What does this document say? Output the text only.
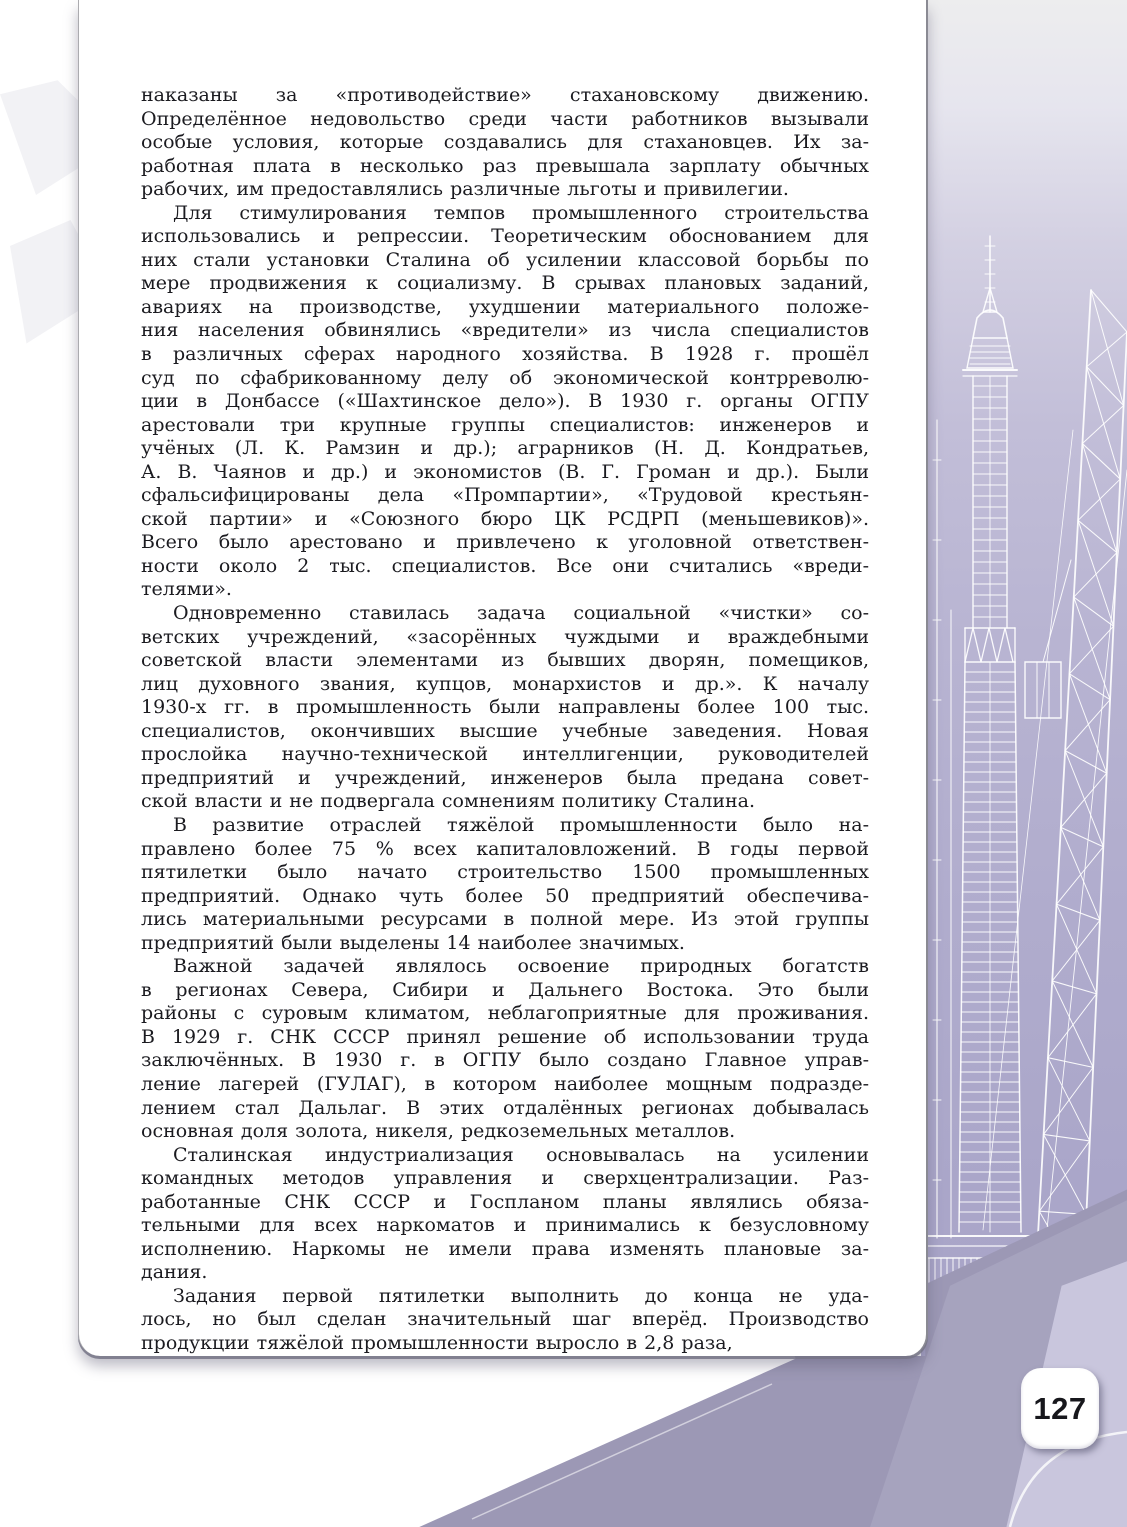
наказаны за «противодействие» стахановскому движению.
Определённое недовольство среди части работников вызывали
особые условия, которые создавались для стахановцев. Их за-
работная плата в несколько раз превышала зарплату обычных
рабочих, им предоставлялись различные льготы и привилегии.
Для стимулирования темпов промышленного строительства
использовались и репрессии. Теоретическим обоснованием для
них стали установки Сталина об усилении классовой борьбы по
мере продвижения к социализму. В срывах плановых заданий,
авариях на производстве, ухудшении материального положе-
ния населения обвинялись «вредители» из числа специалистов
в различных сферах народного хозяйства. В 1928 г. прошёл
суд по сфабрикованному делу об экономической контрреволю-
ции в Донбассе («Шахтинское дело»). В 1930 г. органы ОГПУ
арестовали три крупные группы специалистов: инженеров и
учёных (Л. К. Рамзин и др.); аграрников (Н. Д. Кондратьев,
А. В. Чаянов и др.) и экономистов (В. Г. Громан и др.). Были
сфальсифицированы дела «Промпартии», «Трудовой крестьян-
ской партии» и «Союзного бюро ЦК РСДРП (меньшевиков)».
Всего было арестовано и привлечено к уголовной ответствен-
ности около 2 тыс. специалистов. Все они считались «вреди-
телями».
Одновременно ставилась задача социальной «чистки» со-
ветских учреждений, «засорённых чуждыми и враждебными
советской власти элементами из бывших дворян, помещиков,
лиц духовного звания, купцов, монархистов и др.». К началу
1930-х гг. в промышленность были направлены более 100 тыс.
специалистов, окончивших высшие учебные заведения. Новая
прослойка научно-технической интеллигенции, руководителей
предприятий и учреждений, инженеров была предана совет-
ской власти и не подвергала сомнениям политику Сталина.
В развитие отраслей тяжёлой промышленности было на-
правлено более 75 % всех капиталовложений. В годы первой
пятилетки было начато строительство 1500 промышленных
предприятий. Однако чуть более 50 предприятий обеспечива-
лись материальными ресурсами в полной мере. Из этой группы
предприятий были выделены 14 наиболее значимых.
Важной задачей являлось освоение природных богатств
в регионах Севера, Сибири и Дальнего Востока. Это были
районы с суровым климатом, неблагоприятные для проживания.
В 1929 г. СНК СССР принял решение об использовании труда
заключённых. В 1930 г. в ОГПУ было создано Главное управ-
ление лагерей (ГУЛАГ), в котором наиболее мощным подразде-
лением стал Дальлаг. В этих отдалённых регионах добывалась
основная доля золота, никеля, редкоземельных металлов.
Сталинская индустриализация основывалась на усилении
командных методов управления и сверхцентрализации. Раз-
работанные СНК СССР и Госпланом планы являлись обяза-
тельными для всех наркоматов и принимались к безусловному
исполнению. Наркомы не имели права изменять плановые за-
дания.
Задания первой пятилетки выполнить до конца не уда-
лось, но был сделан значительный шаг вперёд. Производство
продукции тяжёлой промышленности выросло в 2,8 раза,
127
